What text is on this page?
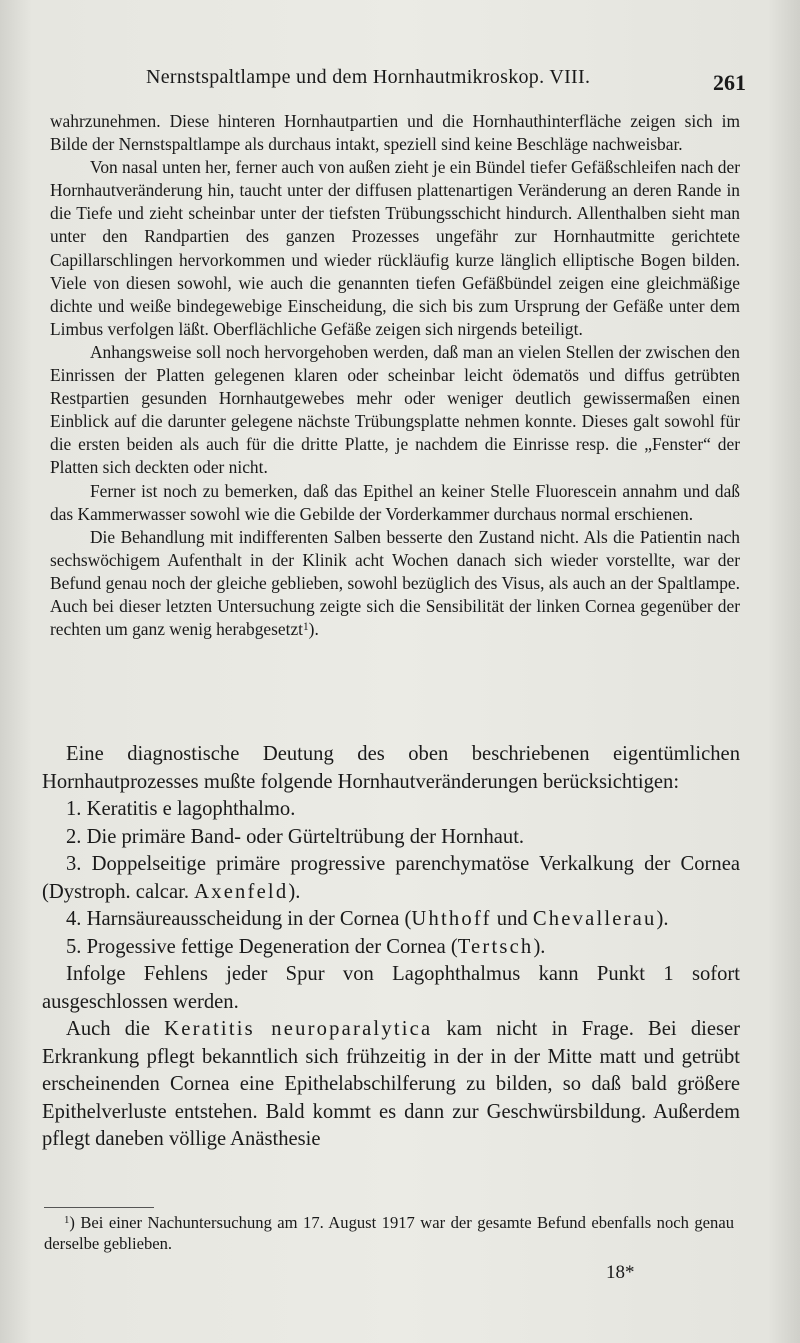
Nernstspaltlampe und dem Hornhautmikroskop. VIII.	261

wahrzunehmen. Diese hinteren Hornhautpartien und die Hornhauthinterfläche zeigen sich im Bilde der Nernstspaltlampe als durchaus intakt, speziell sind keine Beschläge nachweisbar.

Von nasal unten her, ferner auch von außen zieht je ein Bündel tiefer Gefäßschleifen nach der Hornhautveränderung hin, taucht unter der diffusen plattenartigen Veränderung an deren Rande in die Tiefe und zieht scheinbar unter der tiefsten Trübungsschicht hindurch. Allenthalben sieht man unter den Randpartien des ganzen Prozesses ungefähr zur Hornhautmitte gerichtete Capillarschlingen hervorkommen und wieder rückläufig kurze länglich elliptische Bogen bilden. Viele von diesen sowohl, wie auch die genannten tiefen Gefäßbündel zeigen eine gleichmäßige dichte und weiße bindegewebige Einscheidung, die sich bis zum Ursprung der Gefäße unter dem Limbus verfolgen läßt. Oberflächliche Gefäße zeigen sich nirgends beteiligt.

Anhangsweise soll noch hervorgehoben werden, daß man an vielen Stellen der zwischen den Einrissen der Platten gelegenen klaren oder scheinbar leicht ödematös und diffus getrübten Restpartien gesunden Hornhautgewebes mehr oder weniger deutlich gewissermaßen einen Einblick auf die darunter gelegene nächste Trübungsplatte nehmen konnte. Dieses galt sowohl für die ersten beiden als auch für die dritte Platte, je nachdem die Einrisse resp. die „Fenster“ der Platten sich deckten oder nicht.

Ferner ist noch zu bemerken, daß das Epithel an keiner Stelle Fluorescein annahm und daß das Kammerwasser sowohl wie die Gebilde der Vorderkammer durchaus normal erschienen.

Die Behandlung mit indifferenten Salben besserte den Zustand nicht. Als die Patientin nach sechswöchigem Aufenthalt in der Klinik acht Wochen danach sich wieder vorstellte, war der Befund genau noch der gleiche geblieben, sowohl bezüglich des Visus, als auch an der Spaltlampe. Auch bei dieser letzten Untersuchung zeigte sich die Sensibilität der linken Cornea gegenüber der rechten um ganz wenig herabgesetzt$^1$).

Eine diagnostische Deutung des oben beschriebenen eigentümlichen Hornhautprozesses mußte folgende Hornhautveränderungen berücksichtigen:

1. Keratitis e lagophthalmo.

2. Die primäre Band- oder Gürteltrübung der Hornhaut.

3. Doppelseitige primäre progressive parenchymatöse Verkalkung der Cornea (Dystroph. calcar. Axenfeld).

4. Harnsäureausscheidung in der Cornea (Uhthoff und Chevallerau).

5. Progessive fettige Degeneration der Cornea (Tertsch).

Infolge Fehlens jeder Spur von Lagophthalmus kann Punkt 1 sofort ausgeschlossen werden.

Auch die Keratitis neuroparalytica kam nicht in Frage. Bei dieser Erkrankung pflegt bekanntlich sich frühzeitig in der in der Mitte matt und getrübt erscheinenden Cornea eine Epithelabschilferung zu bilden, so daß bald größere Epithelverluste entstehen. Bald kommt es dann zur Geschwürsbildung. Außerdem pflegt daneben völlige Anästhesie

$^1$) Bei einer Nachuntersuchung am 17. August 1917 war der gesamte Befund ebenfalls noch genau derselbe geblieben.

18*
